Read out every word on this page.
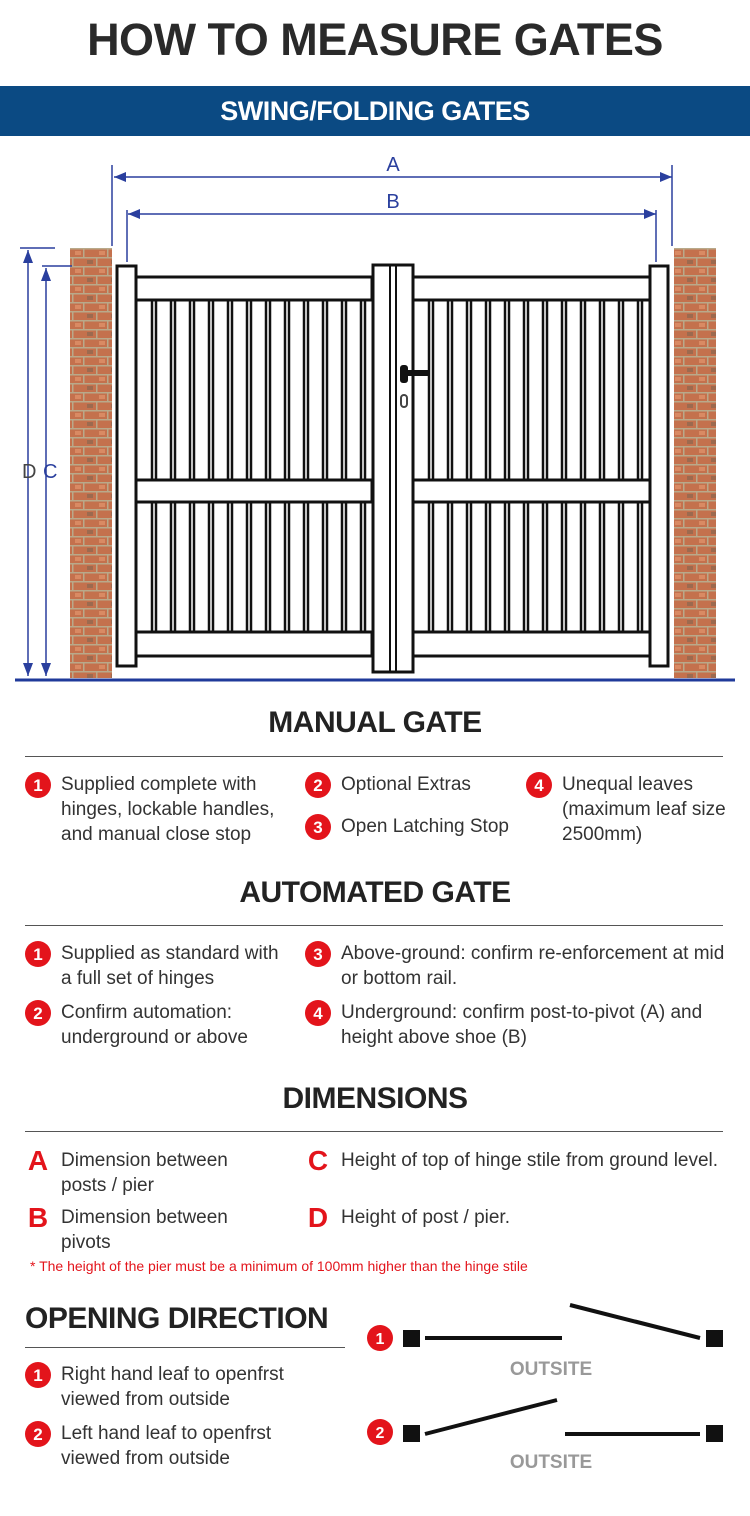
HOW TO MEASURE GATES
SWING/FOLDING GATES
A
B
D C
MANUAL GATE
1 Supplied complete with hinges, lockable handles, and manual close stop
2 Optional Extras
3 Open Latching Stop
4 Unequal leaves (maximum leaf size 2500mm)
AUTOMATED GATE
1 Supplied as standard with a full set of hinges
2 Confirm automation: underground or above
3 Above-ground: confirm re-enforcement at mid or bottom rail.
4 Underground: confirm post-to-pivot (A) and height above shoe (B)
DIMENSIONS
A Dimension between posts / pier
B Dimension between pivots
C Height of top of hinge stile from ground level.
D Height of post / pier.
* The height of the pier must be a minimum of 100mm higher than the hinge stile
OPENING DIRECTION
1 Right hand leaf to openfrst viewed from outside
2 Left hand leaf to openfrst viewed from outside
1
OUTSITE
2
OUTSITE
